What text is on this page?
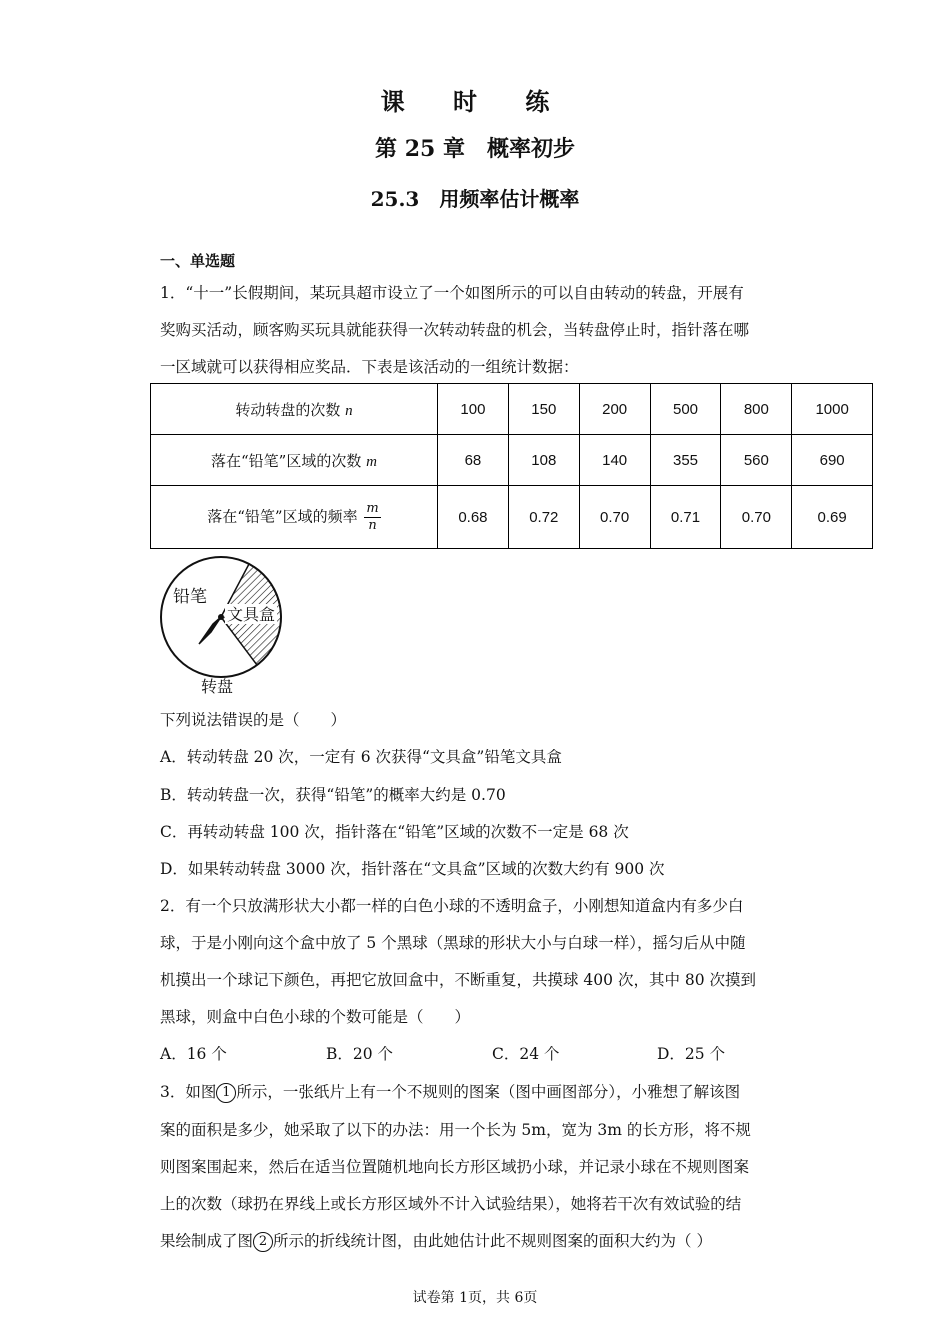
课 时 练
第 25 章　概率初步
25.3　用频率估计概率
一、单选题
1．“十一”长假期间，某玩具超市设立了一个如图所示的可以自由转动的转盘，开展有
奖购买活动，顾客购买玩具就能获得一次转动转盘的机会，当转盘停止时，指针落在哪
一区域就可以获得相应奖品．下表是该活动的一组统计数据：
转动转盘的次数 n	100	150	200	500	800	1000
落在“铅笔”区域的次数 m	68	108	140	355	560	690
落在“铅笔”区域的频率 $\frac{m}{n}$	0.68	0.72	0.70	0.71	0.70	0.69
铅笔
文具盒
转盘
下列说法错误的是（　　）
A．转动转盘 20 次，一定有 6 次获得“文具盒”铅笔文具盒
B．转动转盘一次，获得“铅笔”的概率大约是 0.70
C．再转动转盘 100 次，指针落在“铅笔”区域的次数不一定是 68 次
D．如果转动转盘 3000 次，指针落在“文具盒”区域的次数大约有 900 次
2．有一个只放满形状大小都一样的白色小球的不透明盒子，小刚想知道盒内有多少白
球，于是小刚向这个盒中放了 5 个黑球（黑球的形状大小与白球一样），摇匀后从中随
机摸出一个球记下颜色，再把它放回盒中，不断重复，共摸球 400 次，其中 80 次摸到
黑球，则盒中白色小球的个数可能是（　　）
A．16 个	B．20 个	C．24 个	D．25 个
3．如图 1 所示，一张纸片上有一个不规则的图案（图中画图部分），小雅想了解该图
案的面积是多少，她采取了以下的办法：用一个长为 5m，宽为 3m 的长方形，将不规
则图案围起来，然后在适当位置随机地向长方形区域扔小球，并记录小球在不规则图案
上的次数（球扔在界线上或长方形区域外不计入试验结果），她将若干次有效试验的结
果绘制成了图 2 所示的折线统计图，由此她估计此不规则图案的面积大约为（ ）
试卷第 1页，共 6页
